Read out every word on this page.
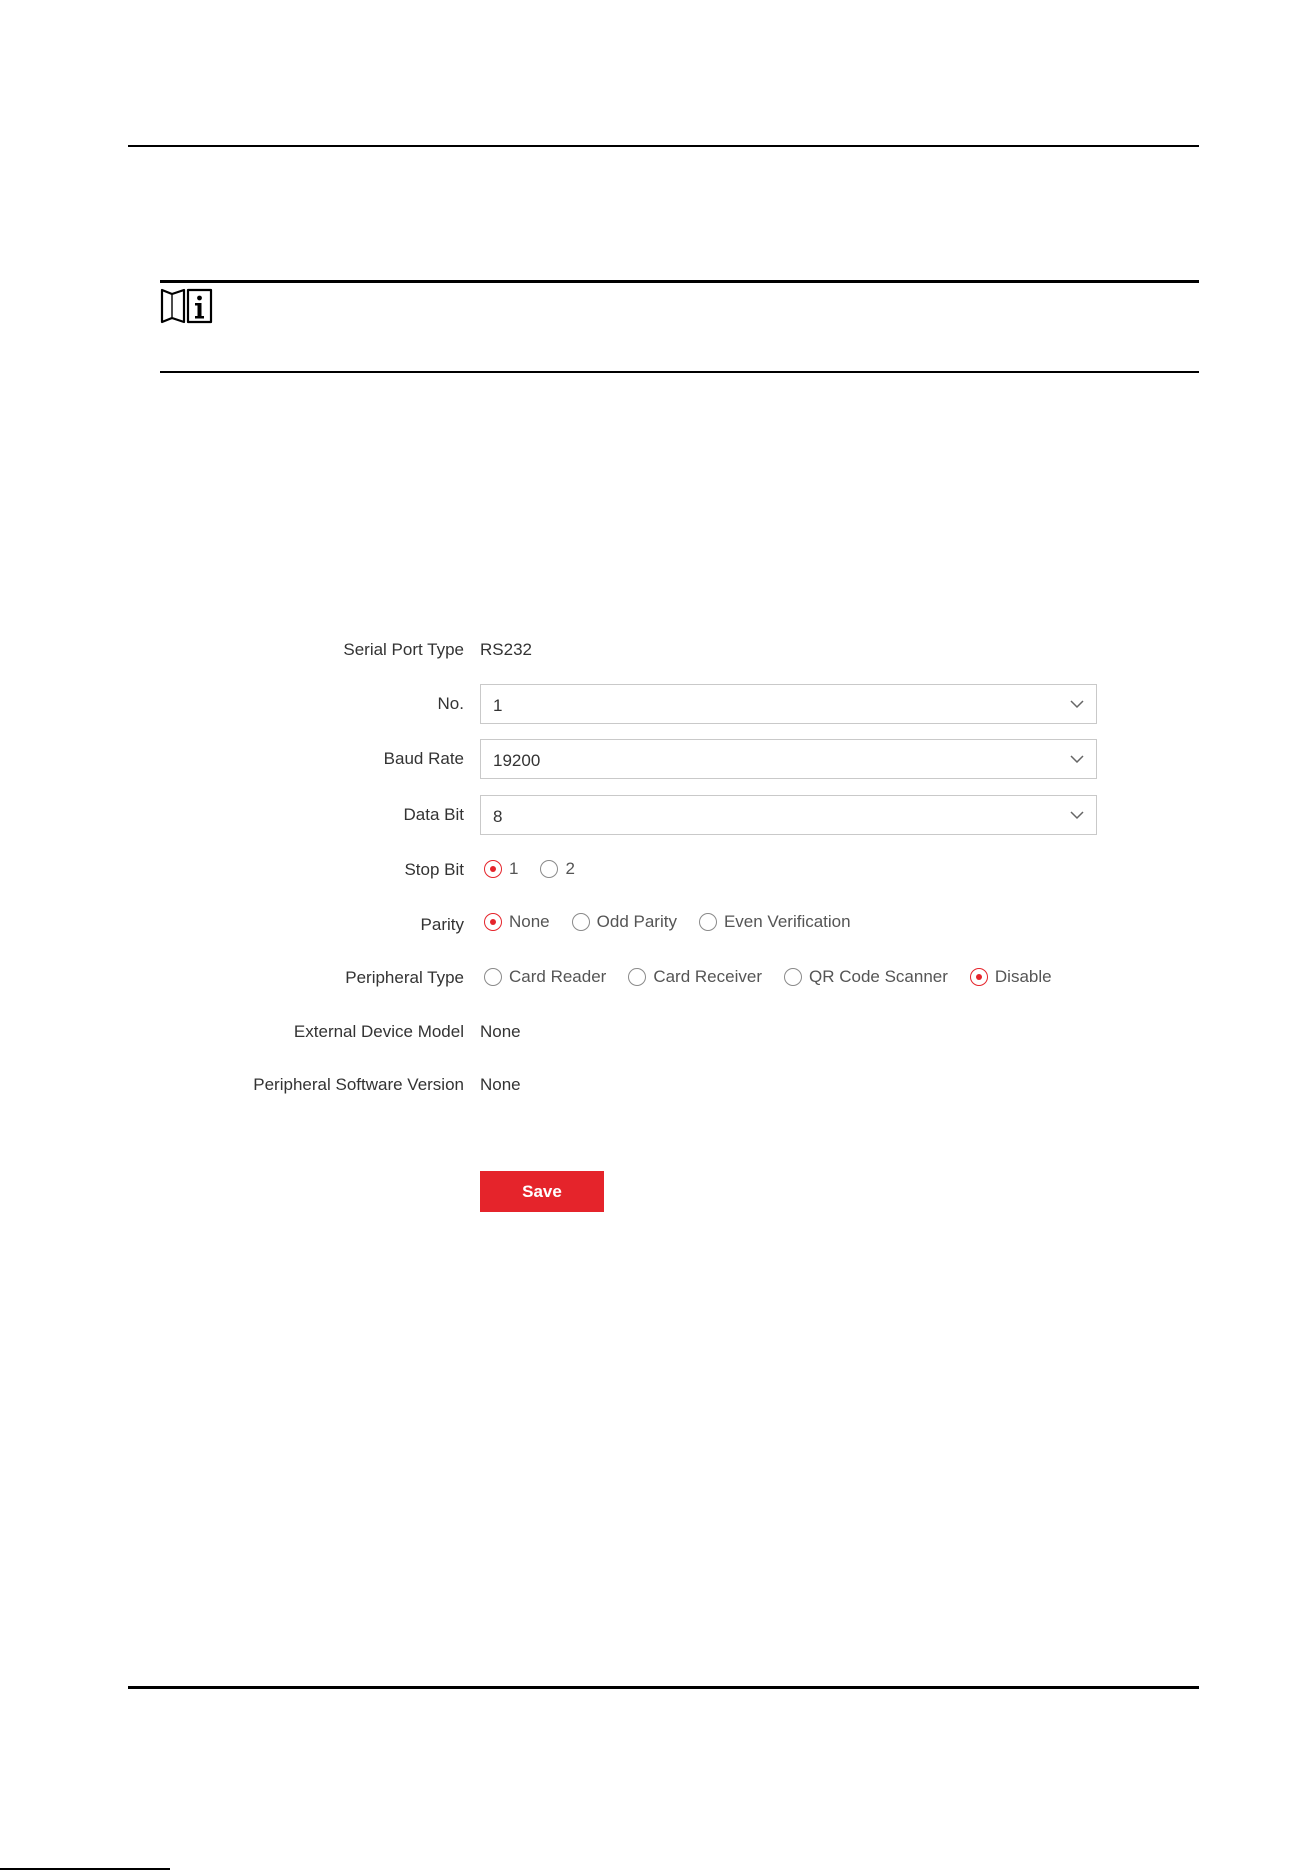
Serial Port Type RS232
No. 1
Baud Rate 19200
Data Bit 8
Stop Bit	1	2
Parity	None	Odd Parity	Even Verification
Peripheral Type	Card Reader	Card Receiver	QR Code Scanner	Disable
External Device Model None
Peripheral Software Version None
Save
